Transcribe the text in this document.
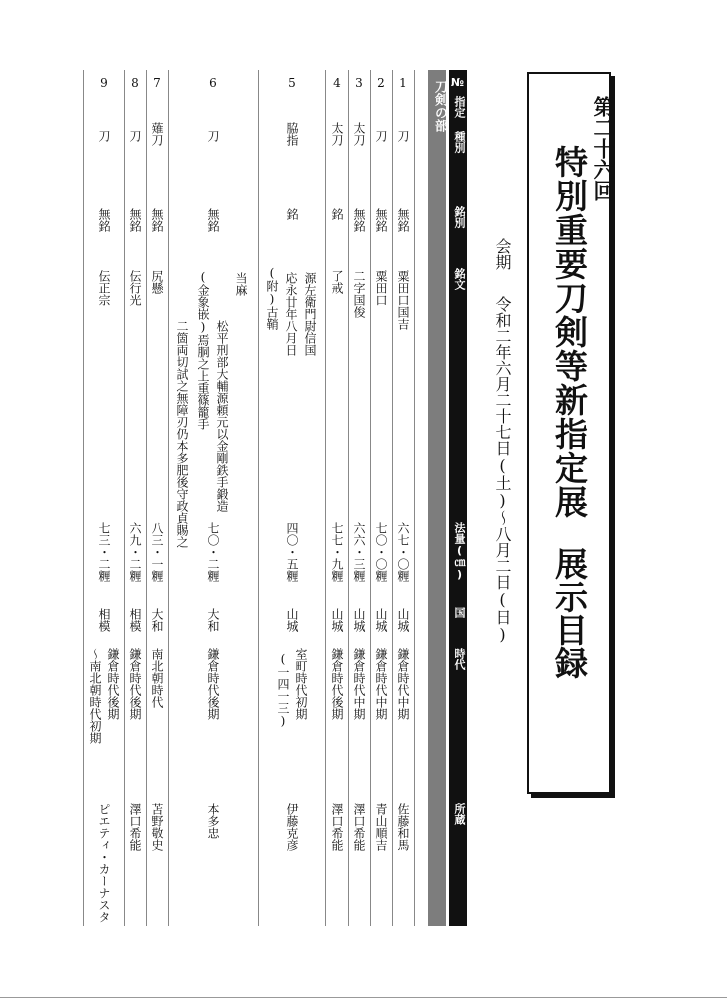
第二十六回
特別重要刀剣等新指定展
展示目録
会期
令和二年六月二十七日(土)〜八月二日(日)
№
指定 種別
銘別
銘文
法量(㎝)
国
時代
所蔵
刀剣の部
1
刀
無銘
粟田口国吉
六七・〇糎
山城
鎌倉時代中期
佐藤和馬
2
刀
無銘
粟田口
七〇・〇糎
山城
鎌倉時代中期
青山順吉
3
太刀
無銘
二字国俊
六六・三糎
山城
鎌倉時代中期
澤口希能
4
太刀
銘
了戒
七七・九糎
山城
鎌倉時代後期
澤口希能
5
脇指
銘
源左衛門尉信国
応永廿年八月日
(附)古鞘
四〇・五糎
山城
室町時代初期
(一四一三)
伊藤克彦
6
刀
無銘
当麻
松平刑部大輔源頼元以金剛鉄手鍛造
(金象嵌)焉胴之上重篠籠手
二箇両切試之無障刃仍本多肥後守政貞賜之
七〇・二糎
大和
鎌倉時代後期
本多忠
7
薙刀
無銘
尻懸
八三・一糎
大和
南北朝時代
苫野敬史
8
刀
無銘
伝行光
六九・二糎
相模
鎌倉時代後期
澤口希能
9
刀
無銘
伝正宗
七三・二糎
相模
鎌倉時代後期
〜南北朝時代初期
ピエティ・カーナスタ
